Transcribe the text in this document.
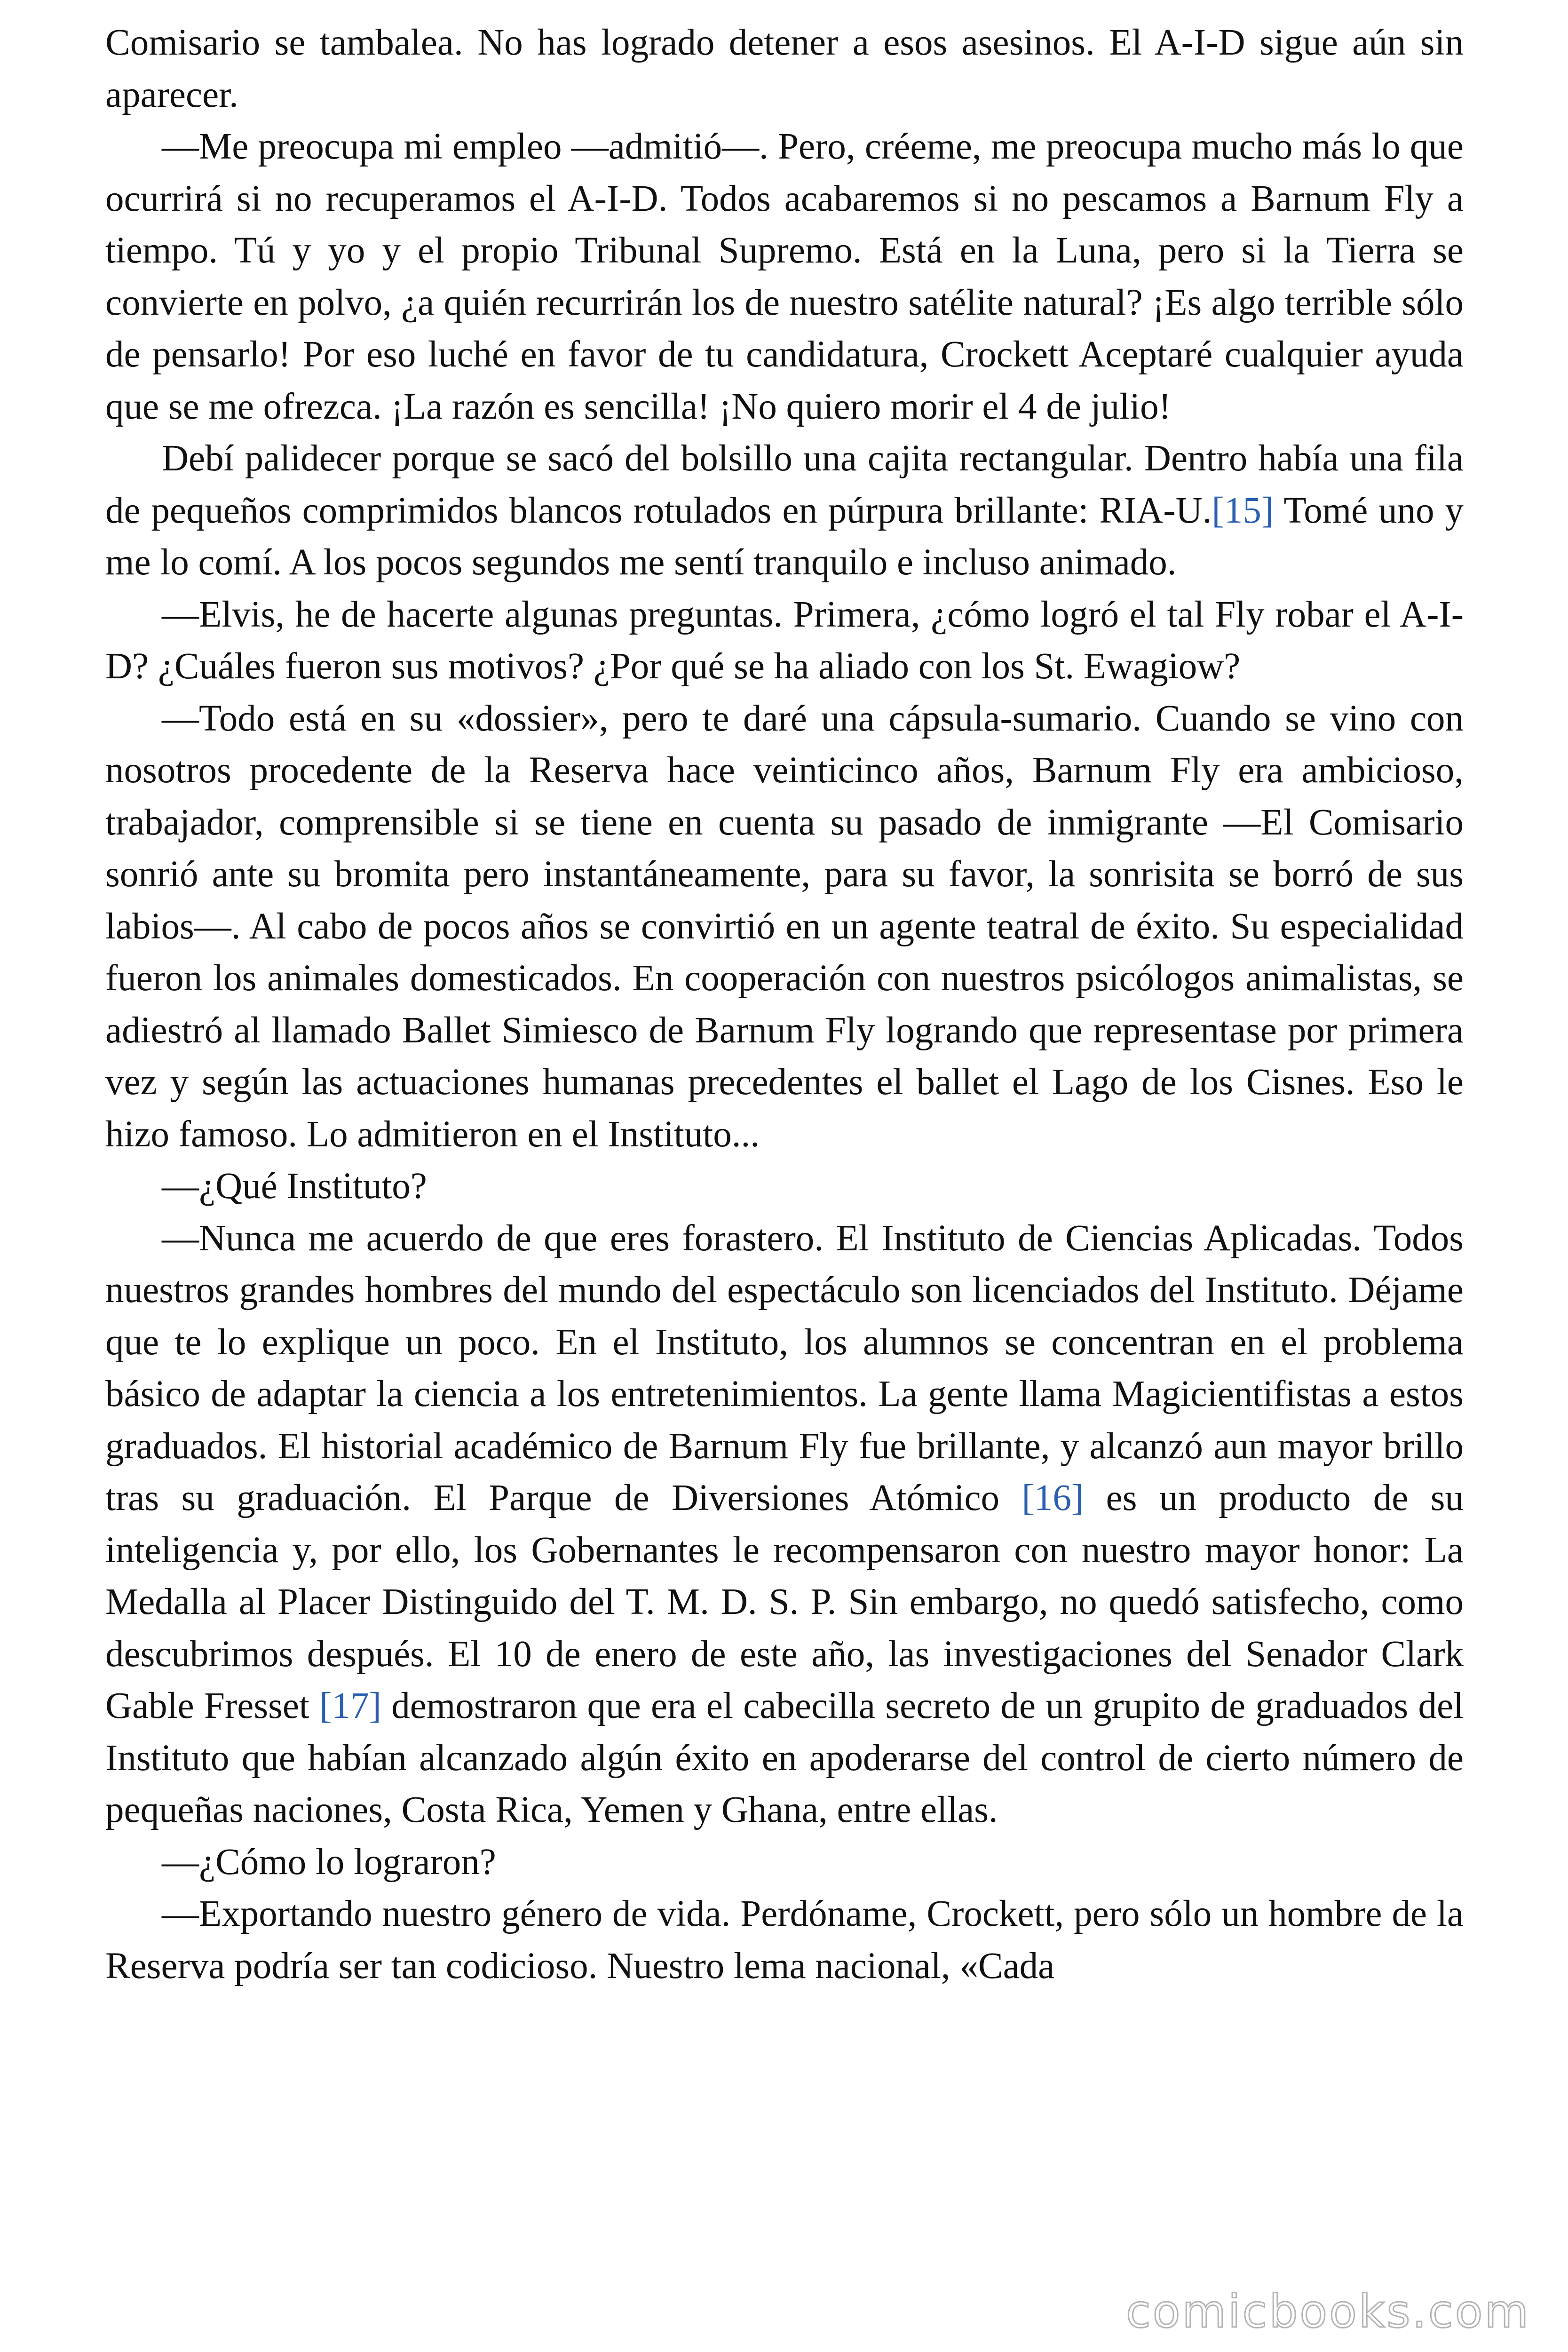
Comisario se tambalea. No has logrado detener a esos asesinos. El A-I-D sigue aún sin aparecer.

—Me preocupa mi empleo —admitió—. Pero, créeme, me preocupa mucho más lo que ocurrirá si no recuperamos el A-I-D. Todos acabaremos si no pescamos a Barnum Fly a tiempo. Tú y yo y el propio Tribunal Supremo. Está en la Luna, pero si la Tierra se convierte en polvo, ¿a quién recurrirán los de nuestro satélite natural? ¡Es algo terrible sólo de pensarlo! Por eso luché en favor de tu candidatura, Crockett Aceptaré cualquier ayuda que se me ofrezca. ¡La razón es sencilla! ¡No quiero morir el 4 de julio!

Debí palidecer porque se sacó del bolsillo una cajita rectangular. Dentro había una fila de pequeños comprimidos blancos rotulados en púrpura brillante: RIA-U.[15] Tomé uno y me lo comí. A los pocos segundos me sentí tranquilo e incluso animado.

—Elvis, he de hacerte algunas preguntas. Primera, ¿cómo logró el tal Fly robar el A-I-D? ¿Cuáles fueron sus motivos? ¿Por qué se ha aliado con los St. Ewagiow?

—Todo está en su «dossier», pero te daré una cápsula-sumario. Cuando se vino con nosotros procedente de la Reserva hace veinticinco años, Barnum Fly era ambicioso, trabajador, comprensible si se tiene en cuenta su pasado de inmigrante —El Comisario sonrió ante su bromita pero instantáneamente, para su favor, la sonrisita se borró de sus labios—. Al cabo de pocos años se convirtió en un agente teatral de éxito. Su especialidad fueron los animales domesticados. En cooperación con nuestros psicólogos animalistas, se adiestró al llamado Ballet Simiesco de Barnum Fly logrando que representase por primera vez y según las actuaciones humanas precedentes el ballet el Lago de los Cisnes. Eso le hizo famoso. Lo admitieron en el Instituto...

—¿Qué Instituto?

—Nunca me acuerdo de que eres forastero. El Instituto de Ciencias Aplicadas. Todos nuestros grandes hombres del mundo del espectáculo son licenciados del Instituto. Déjame que te lo explique un poco. En el Instituto, los alumnos se concentran en el problema básico de adaptar la ciencia a los entretenimientos. La gente llama Magicientifistas a estos graduados. El historial académico de Barnum Fly fue brillante, y alcanzó aun mayor brillo tras su graduación. El Parque de Diversiones Atómico [16] es un producto de su inteligencia y, por ello, los Gobernantes le recompensaron con nuestro mayor honor: La Medalla al Placer Distinguido del T. M. D. S. P. Sin embargo, no quedó satisfecho, como descubrimos después. El 10 de enero de este año, las investigaciones del Senador Clark Gable Fresset [17] demostraron que era el cabecilla secreto de un grupito de graduados del Instituto que habían alcanzado algún éxito en apoderarse del control de cierto número de pequeñas naciones, Costa Rica, Yemen y Ghana, entre ellas.

—¿Cómo lo lograron?

—Exportando nuestro género de vida. Perdóname, Crockett, pero sólo un hombre de la Reserva podría ser tan codicioso. Nuestro lema nacional, «Cada

comicbooks.com
